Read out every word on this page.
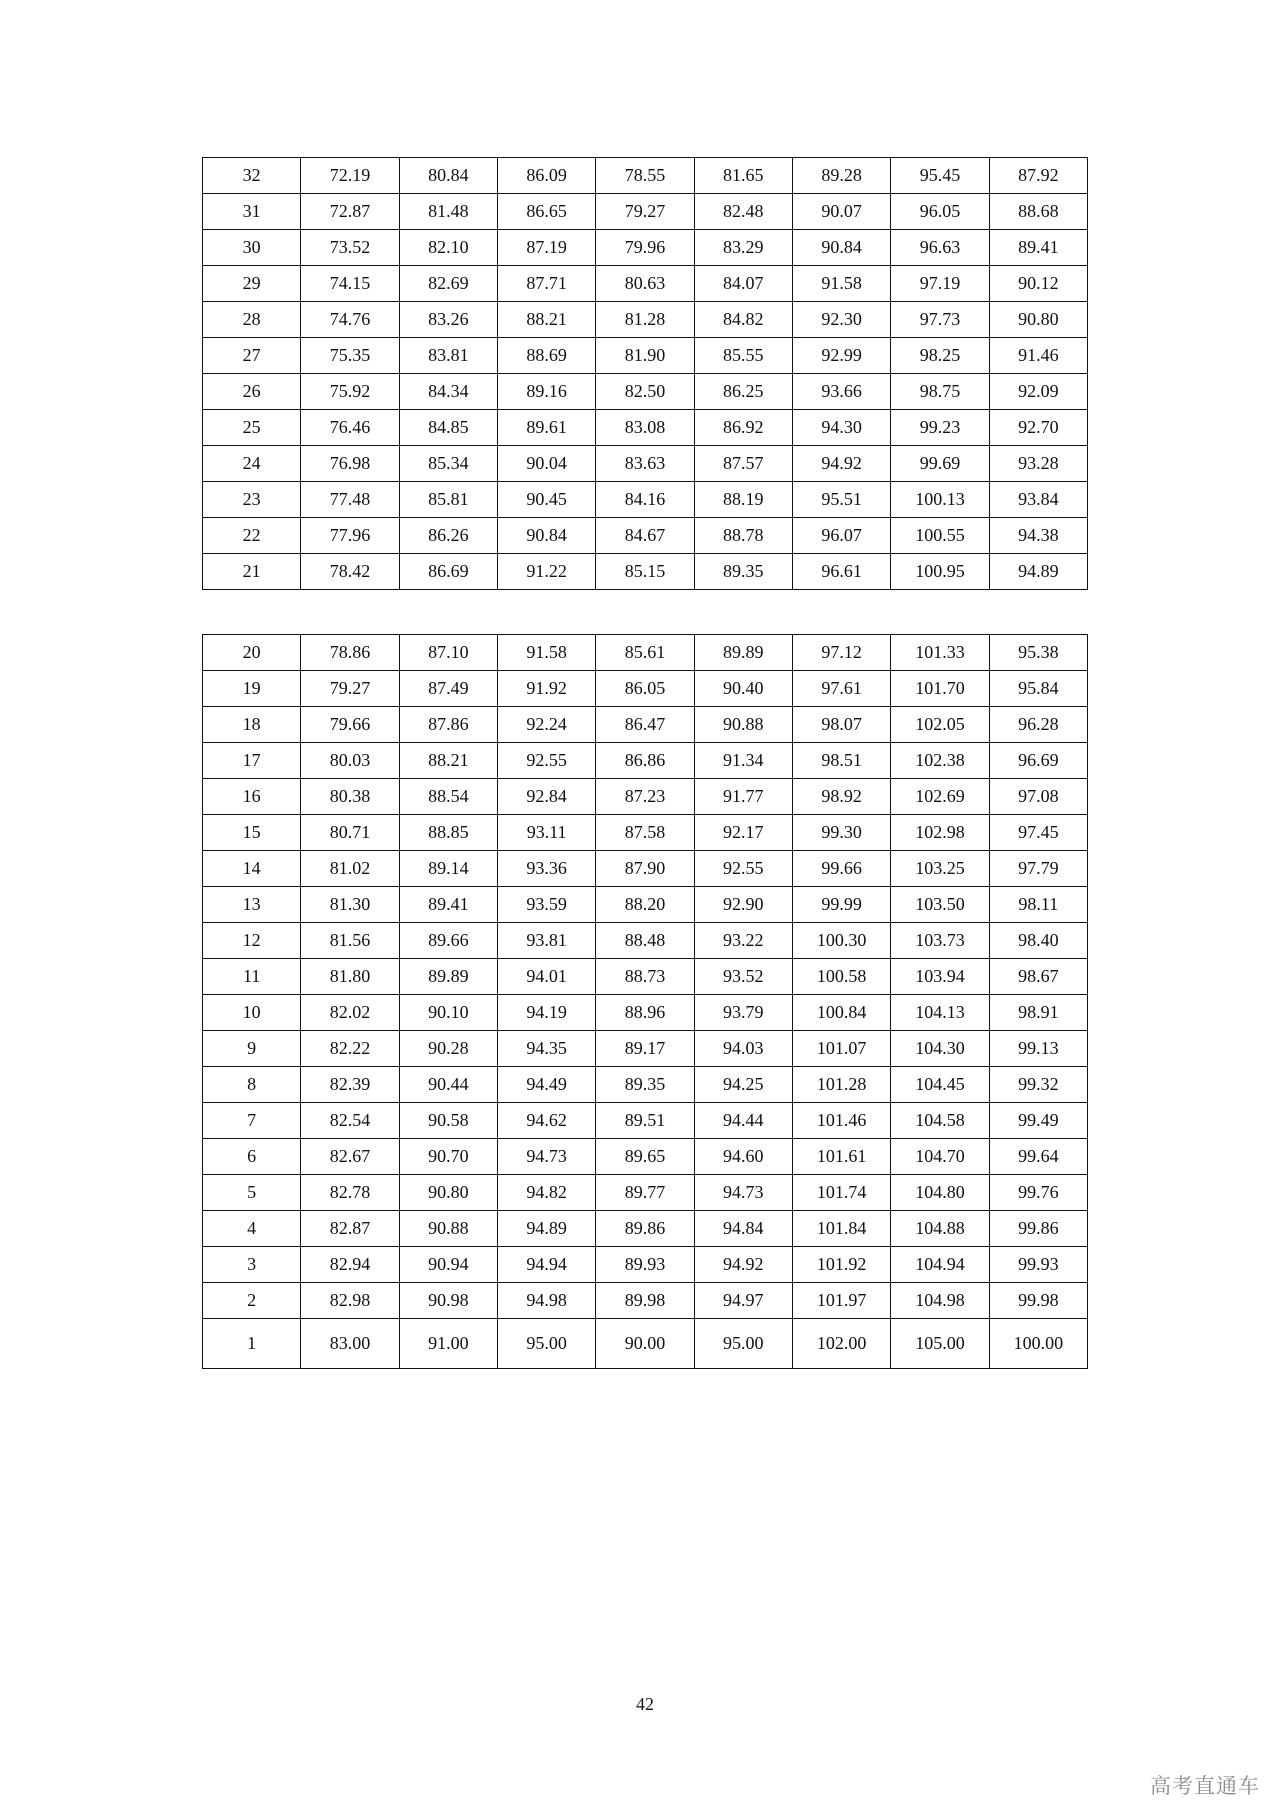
32	72.19	80.84	86.09	78.55	81.65	89.28	95.45	87.92
31	72.87	81.48	86.65	79.27	82.48	90.07	96.05	88.68
30	73.52	82.10	87.19	79.96	83.29	90.84	96.63	89.41
29	74.15	82.69	87.71	80.63	84.07	91.58	97.19	90.12
28	74.76	83.26	88.21	81.28	84.82	92.30	97.73	90.80
27	75.35	83.81	88.69	81.90	85.55	92.99	98.25	91.46
26	75.92	84.34	89.16	82.50	86.25	93.66	98.75	92.09
25	76.46	84.85	89.61	83.08	86.92	94.30	99.23	92.70
24	76.98	85.34	90.04	83.63	87.57	94.92	99.69	93.28
23	77.48	85.81	90.45	84.16	88.19	95.51	100.13	93.84
22	77.96	86.26	90.84	84.67	88.78	96.07	100.55	94.38
21	78.42	86.69	91.22	85.15	89.35	96.61	100.95	94.89
20	78.86	87.10	91.58	85.61	89.89	97.12	101.33	95.38
19	79.27	87.49	91.92	86.05	90.40	97.61	101.70	95.84
18	79.66	87.86	92.24	86.47	90.88	98.07	102.05	96.28
17	80.03	88.21	92.55	86.86	91.34	98.51	102.38	96.69
16	80.38	88.54	92.84	87.23	91.77	98.92	102.69	97.08
15	80.71	88.85	93.11	87.58	92.17	99.30	102.98	97.45
14	81.02	89.14	93.36	87.90	92.55	99.66	103.25	97.79
13	81.30	89.41	93.59	88.20	92.90	99.99	103.50	98.11
12	81.56	89.66	93.81	88.48	93.22	100.30	103.73	98.40
11	81.80	89.89	94.01	88.73	93.52	100.58	103.94	98.67
10	82.02	90.10	94.19	88.96	93.79	100.84	104.13	98.91
9	82.22	90.28	94.35	89.17	94.03	101.07	104.30	99.13
8	82.39	90.44	94.49	89.35	94.25	101.28	104.45	99.32
7	82.54	90.58	94.62	89.51	94.44	101.46	104.58	99.49
6	82.67	90.70	94.73	89.65	94.60	101.61	104.70	99.64
5	82.78	90.80	94.82	89.77	94.73	101.74	104.80	99.76
4	82.87	90.88	94.89	89.86	94.84	101.84	104.88	99.86
3	82.94	90.94	94.94	89.93	94.92	101.92	104.94	99.93
2	82.98	90.98	94.98	89.98	94.97	101.97	104.98	99.98
1	83.00	91.00	95.00	90.00	95.00	102.00	105.00	100.00
42
高考直通车
